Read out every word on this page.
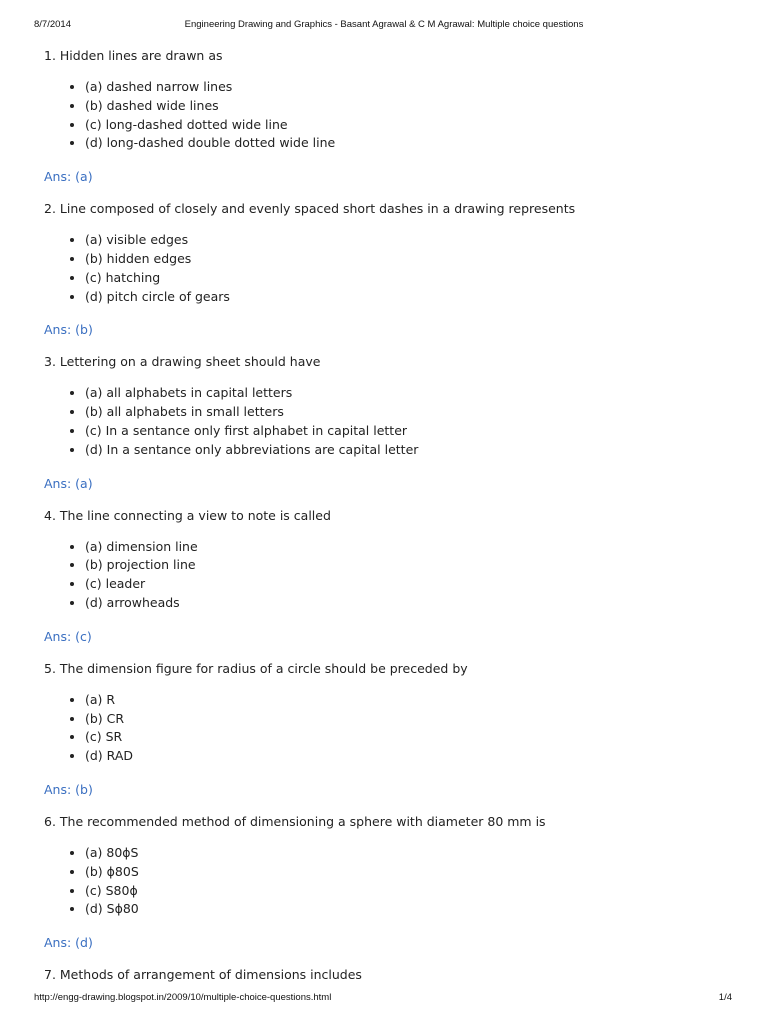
8/7/2014	Engineering Drawing and Graphics - Basant Agrawal & C M Agrawal: Multiple choice questions

1. Hidden lines are drawn as

• (a) dashed narrow lines
• (b) dashed wide lines
• (c) long-dashed dotted wide line
• (d) long-dashed double dotted wide line
Ans: (a)

2. Line composed of closely and evenly spaced short dashes in a drawing represents

• (a) visible edges
• (b) hidden edges
• (c) hatching
• (d) pitch circle of gears
Ans: (b)

3. Lettering on a drawing sheet should have

• (a) all alphabets in capital letters
• (b) all alphabets in small letters
• (c) In a sentance only first alphabet in capital letter
• (d) In a sentance only abbreviations are capital letter
Ans: (a)

4. The line connecting a view to note is called

• (a) dimension line
• (b) projection line
• (c) leader
• (d) arrowheads
Ans: (c)

5. The dimension figure for radius of a circle should be preceded by

• (a) R
• (b) CR
• (c) SR
• (d) RAD
Ans: (b)

6. The recommended method of dimensioning a sphere with diameter 80 mm is

• (a) 80ɸS
• (b) ɸ80S
• (c) S80ɸ
• (d) Sɸ80
Ans: (d)

7. Methods of arrangement of dimensions includes

http://engg-drawing.blogspot.in/2009/10/multiple-choice-questions.html	1/4
